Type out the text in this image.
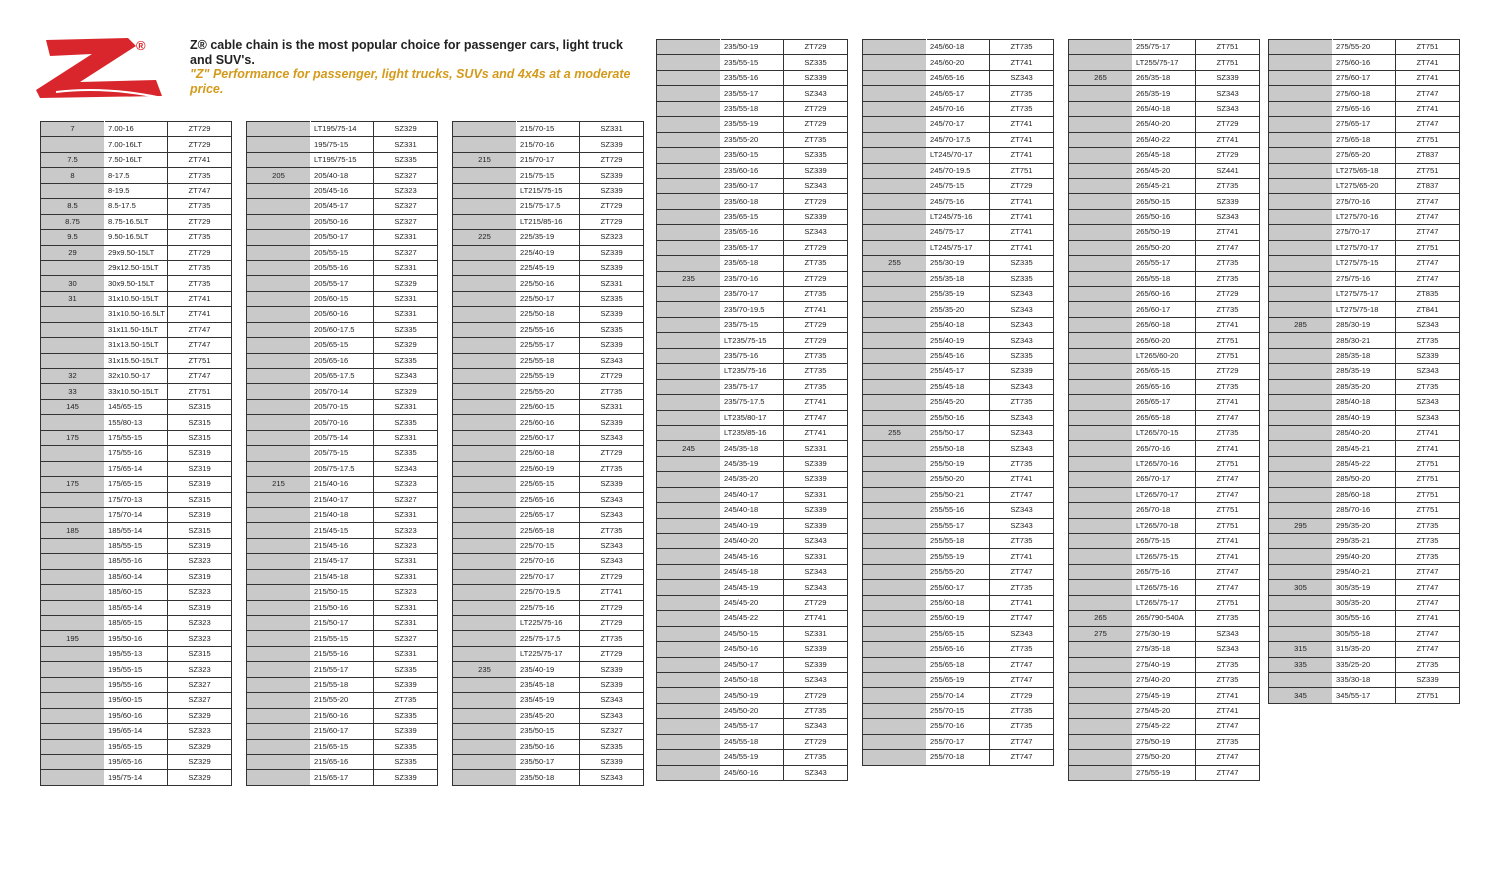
®	Z® cable chain is the most popular choice for passenger cars, light truck and SUV's.
"Z" Performance for passenger, light trucks, SUVs and 4x4s at a moderate price.
7	7.00-16	ZT729
	7.00-16LT	ZT729
7.5	7.50-16LT	ZT741
8	8-17.5	ZT735
	8-19.5	ZT747
8.5	8.5-17.5	ZT735
8.75	8.75-16.5LT	ZT729
9.5	9.50-16.5LT	ZT735
29	29x9.50-15LT	ZT729
	29x12.50-15LT	ZT735
30	30x9.50-15LT	ZT735
31	31x10.50-15LT	ZT741
	31x10.50-16.5LT	ZT741
	31x11.50-15LT	ZT747
	31x13.50-15LT	ZT747
	31x15.50-15LT	ZT751
32	32x10.50-17	ZT747
33	33x10.50-15LT	ZT751
145	145/65-15	SZ315
	155/80-13	SZ315
175	175/55-15	SZ315
	175/55-16	SZ319
	175/65-14	SZ319
175	175/65-15	SZ319
	175/70-13	SZ315
	175/70-14	SZ319
185	185/55-14	SZ315
	185/55-15	SZ319
	185/55-16	SZ323
	185/60-14	SZ319
	185/60-15	SZ323
	185/65-14	SZ319
	185/65-15	SZ323
195	195/50-16	SZ323
	195/55-13	SZ315
	195/55-15	SZ323
	195/55-16	SZ327
	195/60-15	SZ327
	195/60-16	SZ329
	195/65-14	SZ323
	195/65-15	SZ329
	195/65-16	SZ329
	195/75-14	SZ329
	LT195/75-14	SZ329
	195/75-15	SZ331
	LT195/75-15	SZ335
205	205/40-18	SZ327
	205/45-16	SZ323
	205/45-17	SZ327
	205/50-16	SZ327
	205/50-17	SZ331
	205/55-15	SZ327
	205/55-16	SZ331
	205/55-17	SZ329
	205/60-15	SZ331
	205/60-16	SZ331
	205/60-17.5	SZ335
	205/65-15	SZ329
	205/65-16	SZ335
	205/65-17.5	SZ343
	205/70-14	SZ329
	205/70-15	SZ331
	205/70-16	SZ335
	205/75-14	SZ331
	205/75-15	SZ335
	205/75-17.5	SZ343
215	215/40-16	SZ323
	215/40-17	SZ327
	215/40-18	SZ331
	215/45-15	SZ323
	215/45-16	SZ323
	215/45-17	SZ331
	215/45-18	SZ331
	215/50-15	SZ323
	215/50-16	SZ331
	215/50-17	SZ331
	215/55-15	SZ327
	215/55-16	SZ331
	215/55-17	SZ335
	215/55-18	SZ339
	215/55-20	ZT735
	215/60-16	SZ335
	215/60-17	SZ339
	215/65-15	SZ335
	215/65-16	SZ335
	215/65-17	SZ339
	215/70-15	SZ331
	215/70-16	SZ339
215	215/70-17	ZT729
	215/75-15	SZ339
	LT215/75-15	SZ339
	215/75-17.5	ZT729
	LT215/85-16	ZT729
225	225/35-19	SZ323
	225/40-19	SZ339
	225/45-19	SZ339
	225/50-16	SZ331
	225/50-17	SZ335
	225/50-18	SZ339
	225/55-16	SZ335
	225/55-17	SZ339
	225/55-18	SZ343
	225/55-19	ZT729
	225/55-20	ZT735
	225/60-15	SZ331
	225/60-16	SZ339
	225/60-17	SZ343
	225/60-18	ZT729
	225/60-19	ZT735
	225/65-15	SZ339
	225/65-16	SZ343
	225/65-17	SZ343
	225/65-18	ZT735
	225/70-15	SZ343
	225/70-16	SZ343
	225/70-17	ZT729
	225/70-19.5	ZT741
	225/75-16	ZT729
	LT225/75-16	ZT729
	225/75-17.5	ZT735
	LT225/75-17	ZT729
235	235/40-19	SZ339
	235/45-18	SZ339
	235/45-19	SZ343
	235/45-20	SZ343
	235/50-15	SZ327
	235/50-16	SZ335
	235/50-17	SZ339
	235/50-18	SZ343
	235/50-19	ZT729
	235/55-15	SZ335
	235/55-16	SZ339
	235/55-17	SZ343
	235/55-18	ZT729
	235/55-19	ZT729
	235/55-20	ZT735
	235/60-15	SZ335
	235/60-16	SZ339
	235/60-17	SZ343
	235/60-18	ZT729
	235/65-15	SZ339
	235/65-16	SZ343
	235/65-17	ZT729
	235/65-18	ZT735
235	235/70-16	ZT729
	235/70-17	ZT735
	235/70-19.5	ZT741
	235/75-15	ZT729
	LT235/75-15	ZT729
	235/75-16	ZT735
	LT235/75-16	ZT735
	235/75-17	ZT735
	235/75-17.5	ZT741
	LT235/80-17	ZT747
	LT235/85-16	ZT741
245	245/35-18	SZ331
	245/35-19	SZ339
	245/35-20	SZ339
	245/40-17	SZ331
	245/40-18	SZ339
	245/40-19	SZ339
	245/40-20	SZ343
	245/45-16	SZ331
	245/45-18	SZ343
	245/45-19	SZ343
	245/45-20	ZT729
	245/45-22	ZT741
	245/50-15	SZ331
	245/50-16	SZ339
	245/50-17	SZ339
	245/50-18	SZ343
	245/50-19	ZT729
	245/50-20	ZT735
	245/55-17	SZ343
	245/55-18	ZT729
	245/55-19	ZT735
	245/60-16	SZ343
	245/60-18	ZT735
	245/60-20	ZT741
	245/65-16	SZ343
	245/65-17	ZT735
	245/70-16	ZT735
	245/70-17	ZT741
	245/70-17.5	ZT741
	LT245/70-17	ZT741
	245/70-19.5	ZT751
	245/75-15	ZT729
	245/75-16	ZT741
	LT245/75-16	ZT741
	245/75-17	ZT741
	LT245/75-17	ZT741
255	255/30-19	SZ335
	255/35-18	SZ335
	255/35-19	SZ343
	255/35-20	SZ343
	255/40-18	SZ343
	255/40-19	SZ343
	255/45-16	SZ335
	255/45-17	SZ339
	255/45-18	SZ343
	255/45-20	ZT735
	255/50-16	SZ343
255	255/50-17	SZ343
	255/50-18	SZ343
	255/50-19	ZT735
	255/50-20	ZT741
	255/50-21	ZT747
	255/55-16	SZ343
	255/55-17	SZ343
	255/55-18	ZT735
	255/55-19	ZT741
	255/55-20	ZT747
	255/60-17	ZT735
	255/60-18	ZT741
	255/60-19	ZT747
	255/65-15	SZ343
	255/65-16	ZT735
	255/65-18	ZT747
	255/65-19	ZT747
	255/70-14	ZT729
	255/70-15	ZT735
	255/70-16	ZT735
	255/70-17	ZT747
	255/70-18	ZT747
	255/75-17	ZT751
	LT255/75-17	ZT751
265	265/35-18	SZ339
	265/35-19	SZ343
	265/40-18	SZ343
	265/40-20	ZT729
	265/40-22	ZT741
	265/45-18	ZT729
	265/45-20	SZ441
	265/45-21	ZT735
	265/50-15	SZ339
	265/50-16	SZ343
	265/50-19	ZT741
	265/50-20	ZT747
	265/55-17	ZT735
	265/55-18	ZT735
	265/60-16	ZT729
	265/60-17	ZT735
	265/60-18	ZT741
	265/60-20	ZT751
	LT265/60-20	ZT751
	265/65-15	ZT729
	265/65-16	ZT735
	265/65-17	ZT741
	265/65-18	ZT747
	LT265/70-15	ZT735
	265/70-16	ZT741
	LT265/70-16	ZT751
	265/70-17	ZT747
	LT265/70-17	ZT747
	265/70-18	ZT751
	LT265/70-18	ZT751
	265/75-15	ZT741
	LT265/75-15	ZT741
	265/75-16	ZT747
	LT265/75-16	ZT747
	LT265/75-17	ZT751
265	265/790-540A	ZT735
275	275/30-19	SZ343
	275/35-18	SZ343
	275/40-19	ZT735
	275/40-20	ZT735
	275/45-19	ZT741
	275/45-20	ZT741
	275/45-22	ZT747
	275/50-19	ZT735
	275/50-20	ZT747
	275/55-19	ZT747
	275/55-20	ZT751
	275/60-16	ZT741
	275/60-17	ZT741
	275/60-18	ZT747
	275/65-16	ZT741
	275/65-17	ZT747
	275/65-18	ZT751
	275/65-20	ZT837
	LT275/65-18	ZT751
	LT275/65-20	ZT837
	275/70-16	ZT747
	LT275/70-16	ZT747
	275/70-17	ZT747
	LT275/70-17	ZT751
	LT275/75-15	ZT747
	275/75-16	ZT747
	LT275/75-17	ZT835
	LT275/75-18	ZT841
285	285/30-19	SZ343
	285/30-21	ZT735
	285/35-18	SZ339
	285/35-19	SZ343
	285/35-20	ZT735
	285/40-18	SZ343
	285/40-19	SZ343
	285/40-20	ZT741
	285/45-21	ZT741
	285/45-22	ZT751
	285/50-20	ZT751
	285/60-18	ZT751
	285/70-16	ZT751
295	295/35-20	ZT735
	295/35-21	ZT735
	295/40-20	ZT735
	295/40-21	ZT747
305	305/35-19	ZT747
	305/35-20	ZT747
	305/55-16	ZT741
	305/55-18	ZT747
315	315/35-20	ZT747
335	335/25-20	ZT735
	335/30-18	SZ339
345	345/55-17	ZT751
